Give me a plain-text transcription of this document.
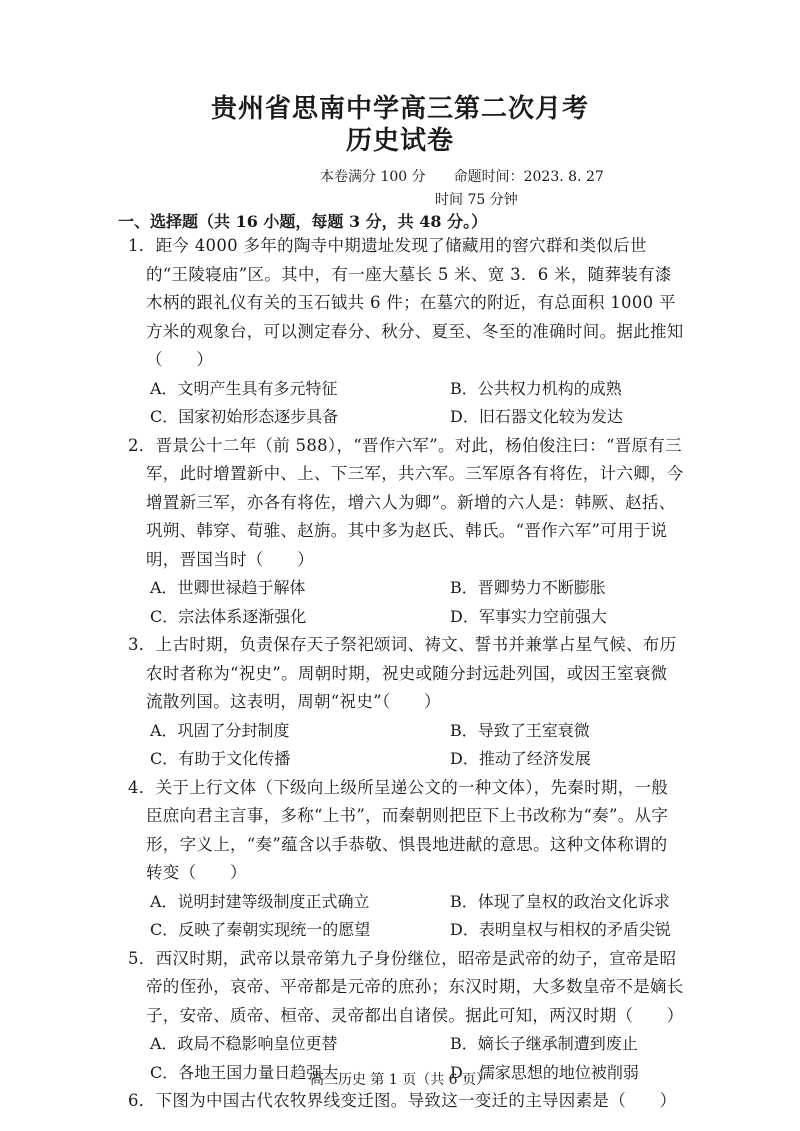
贵州省思南中学高三第二次月考
历史试卷
本卷满分 100 分　　命题时间：2023. 8. 27
时间 75 分钟
一、选择题（共 16 小题，每题 3 分，共 48 分。）
1．距今 4000 多年的陶寺中期遗址发现了储藏用的窖穴群和类似后世的“王陵寝庙”区。其中，有一座大墓长 5 米、宽 3．6 米，随葬装有漆木柄的跟礼仪有关的玉石钺共 6 件；在墓穴的附近，有总面积 1000 平方米的观象台，可以测定春分、秋分、夏至、冬至的准确时间。据此推知（　　）
A．文明产生具有多元特征	B．公共权力机构的成熟
C．国家初始形态逐步具备	D．旧石器文化较为发达
2．晋景公十二年（前 588），“晋作六军”。对此，杨伯俊注曰：“晋原有三军，此时增置新中、上、下三军，共六军。三军原各有将佐，计六卿，今增置新三军，亦各有将佐，增六人为卿”。新增的六人是：韩厥、赵括、巩朔、韩穿、荀骓、赵旃。其中多为赵氏、韩氏。“晋作六军”可用于说明，晋国当时（　　）
A．世卿世禄趋于解体	B．晋卿势力不断膨胀
C．宗法体系逐渐强化	D．军事实力空前强大
3．上古时期，负责保存天子祭祀颂词、祷文、誓书并兼掌占星气候、布历农时者称为“祝史”。周朝时期，祝史或随分封远赴列国，或因王室衰微流散列国。这表明，周朝“祝史”（　　）
A．巩固了分封制度	B．导致了王室衰微
C．有助于文化传播	D．推动了经济发展
4．关于上行文体（下级向上级所呈递公文的一种文体），先秦时期，一般臣庶向君主言事，多称“上书”，而秦朝则把臣下上书改称为“奏”。从字形，字义上，“奏”蕴含以手恭敬、惧畏地进献的意思。这种文体称谓的转变（　　）
A．说明封建等级制度正式确立	B．体现了皇权的政治文化诉求
C．反映了秦朝实现统一的愿望	D．表明皇权与相权的矛盾尖锐
5．西汉时期，武帝以景帝第九子身份继位，昭帝是武帝的幼子，宣帝是昭帝的侄孙，哀帝、平帝都是元帝的庶孙；东汉时期，大多数皇帝不是嫡长子，安帝、质帝、桓帝、灵帝都出自诸侯。据此可知，两汉时期（　　）
A．政局不稳影响皇位更替	B．嫡长子继承制遭到废止
C．各地王国力量日趋强大	D．儒家思想的地位被削弱
6．下图为中国古代农牧界线变迁图。导致这一变迁的主导因素是（　　）
高三历史 第 1 页（共 6 页）
